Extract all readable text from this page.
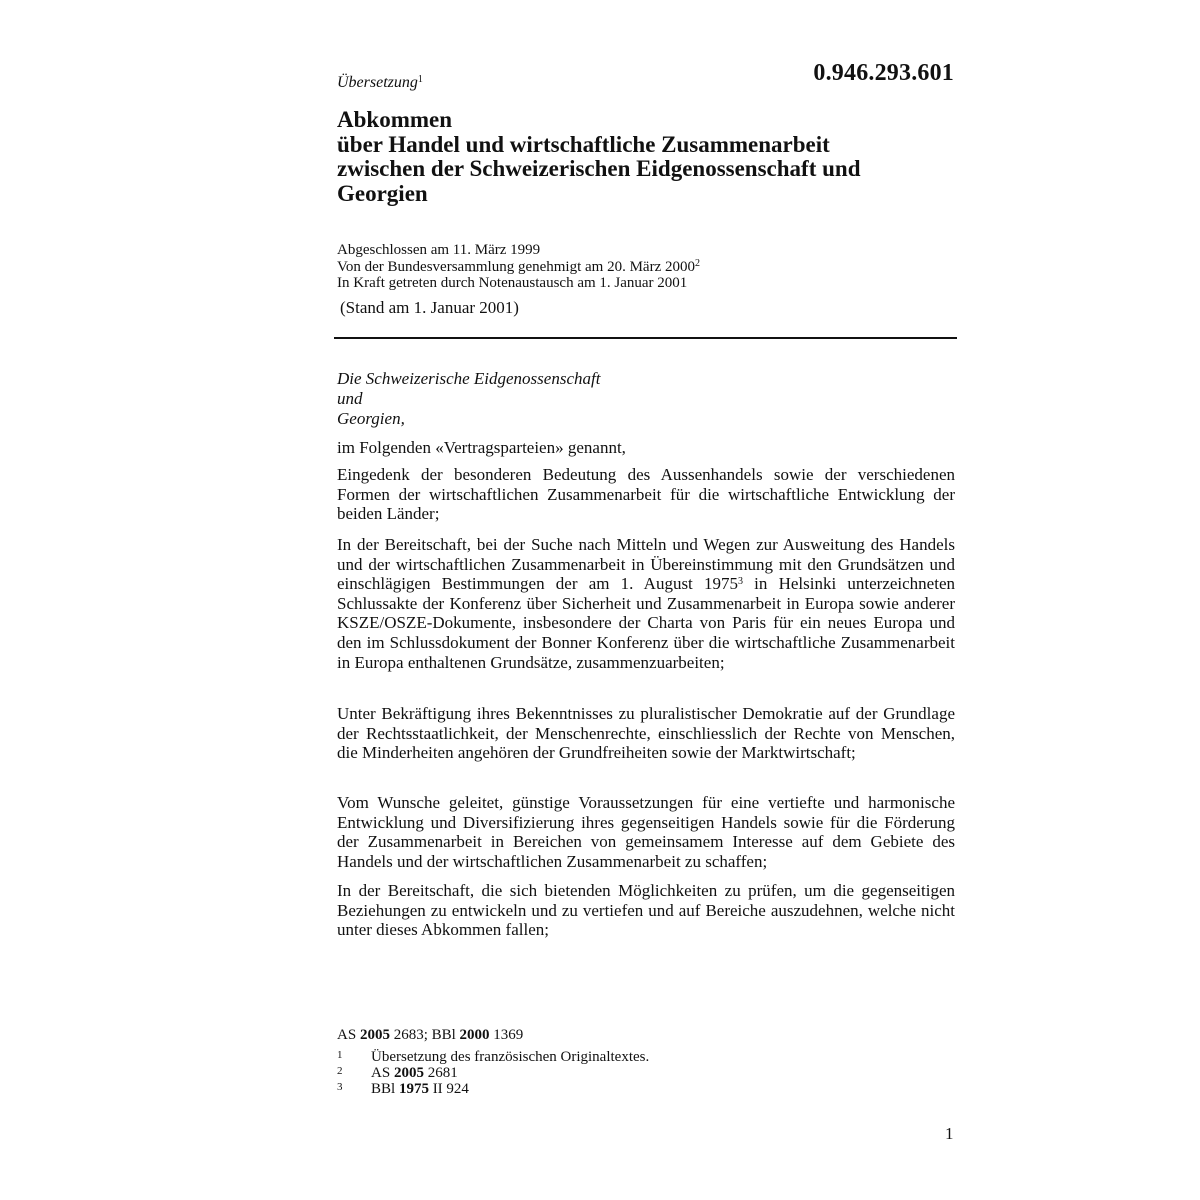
Übersetzung$^1$	0.946.293.601
Abkommen
über Handel und wirtschaftliche Zusammenarbeit
zwischen der Schweizerischen Eidgenossenschaft und
Georgien
Abgeschlossen am 11. März 1999
Von der Bundesversammlung genehmigt am 20. März 2000$^2$
In Kraft getreten durch Notenaustausch am 1. Januar 2001
(Stand am 1. Januar 2001)
Die Schweizerische Eidgenossenschaft
und
Georgien,

im Folgenden «Vertragsparteien» genannt,

Eingedenk der besonderen Bedeutung des Aussenhandels sowie der verschiedenen Formen der wirtschaftlichen Zusammenarbeit für die wirtschaftliche Entwicklung der beiden Länder;

In der Bereitschaft, bei der Suche nach Mitteln und Wegen zur Ausweitung des Handels und der wirtschaftlichen Zusammenarbeit in Übereinstimmung mit den Grundsätzen und einschlägigen Bestimmungen der am 1. August 1975$^3$ in Helsinki unterzeichneten Schlussakte der Konferenz über Sicherheit und Zusammenarbeit in Europa sowie anderer KSZE/OSZE-Dokumente, insbesondere der Charta von Paris für ein neues Europa und den im Schlussdokument der Bonner Konferenz über die wirtschaftliche Zusammenarbeit in Europa enthaltenen Grundsätze, zusammenzuarbeiten;

Unter Bekräftigung ihres Bekenntnisses zu pluralistischer Demokratie auf der Grundlage der Rechtsstaatlichkeit, der Menschenrechte, einschliesslich der Rechte von Menschen, die Minderheiten angehören der Grundfreiheiten sowie der Marktwirtschaft;

Vom Wunsche geleitet, günstige Voraussetzungen für eine vertiefte und harmonische Entwicklung und Diversifizierung ihres gegenseitigen Handels sowie für die Förderung der Zusammenarbeit in Bereichen von gemeinsamem Interesse auf dem Gebiete des Handels und der wirtschaftlichen Zusammenarbeit zu schaffen;

In der Bereitschaft, die sich bietenden Möglichkeiten zu prüfen, um die gegenseitigen Beziehungen zu entwickeln und zu vertiefen und auf Bereiche auszudehnen, welche nicht unter dieses Abkommen fallen;

AS 2005 2683; BBl 2000 1369
1 Übersetzung des französischen Originaltextes.
2 AS 2005 2681
3 BBl 1975 II 924
1
